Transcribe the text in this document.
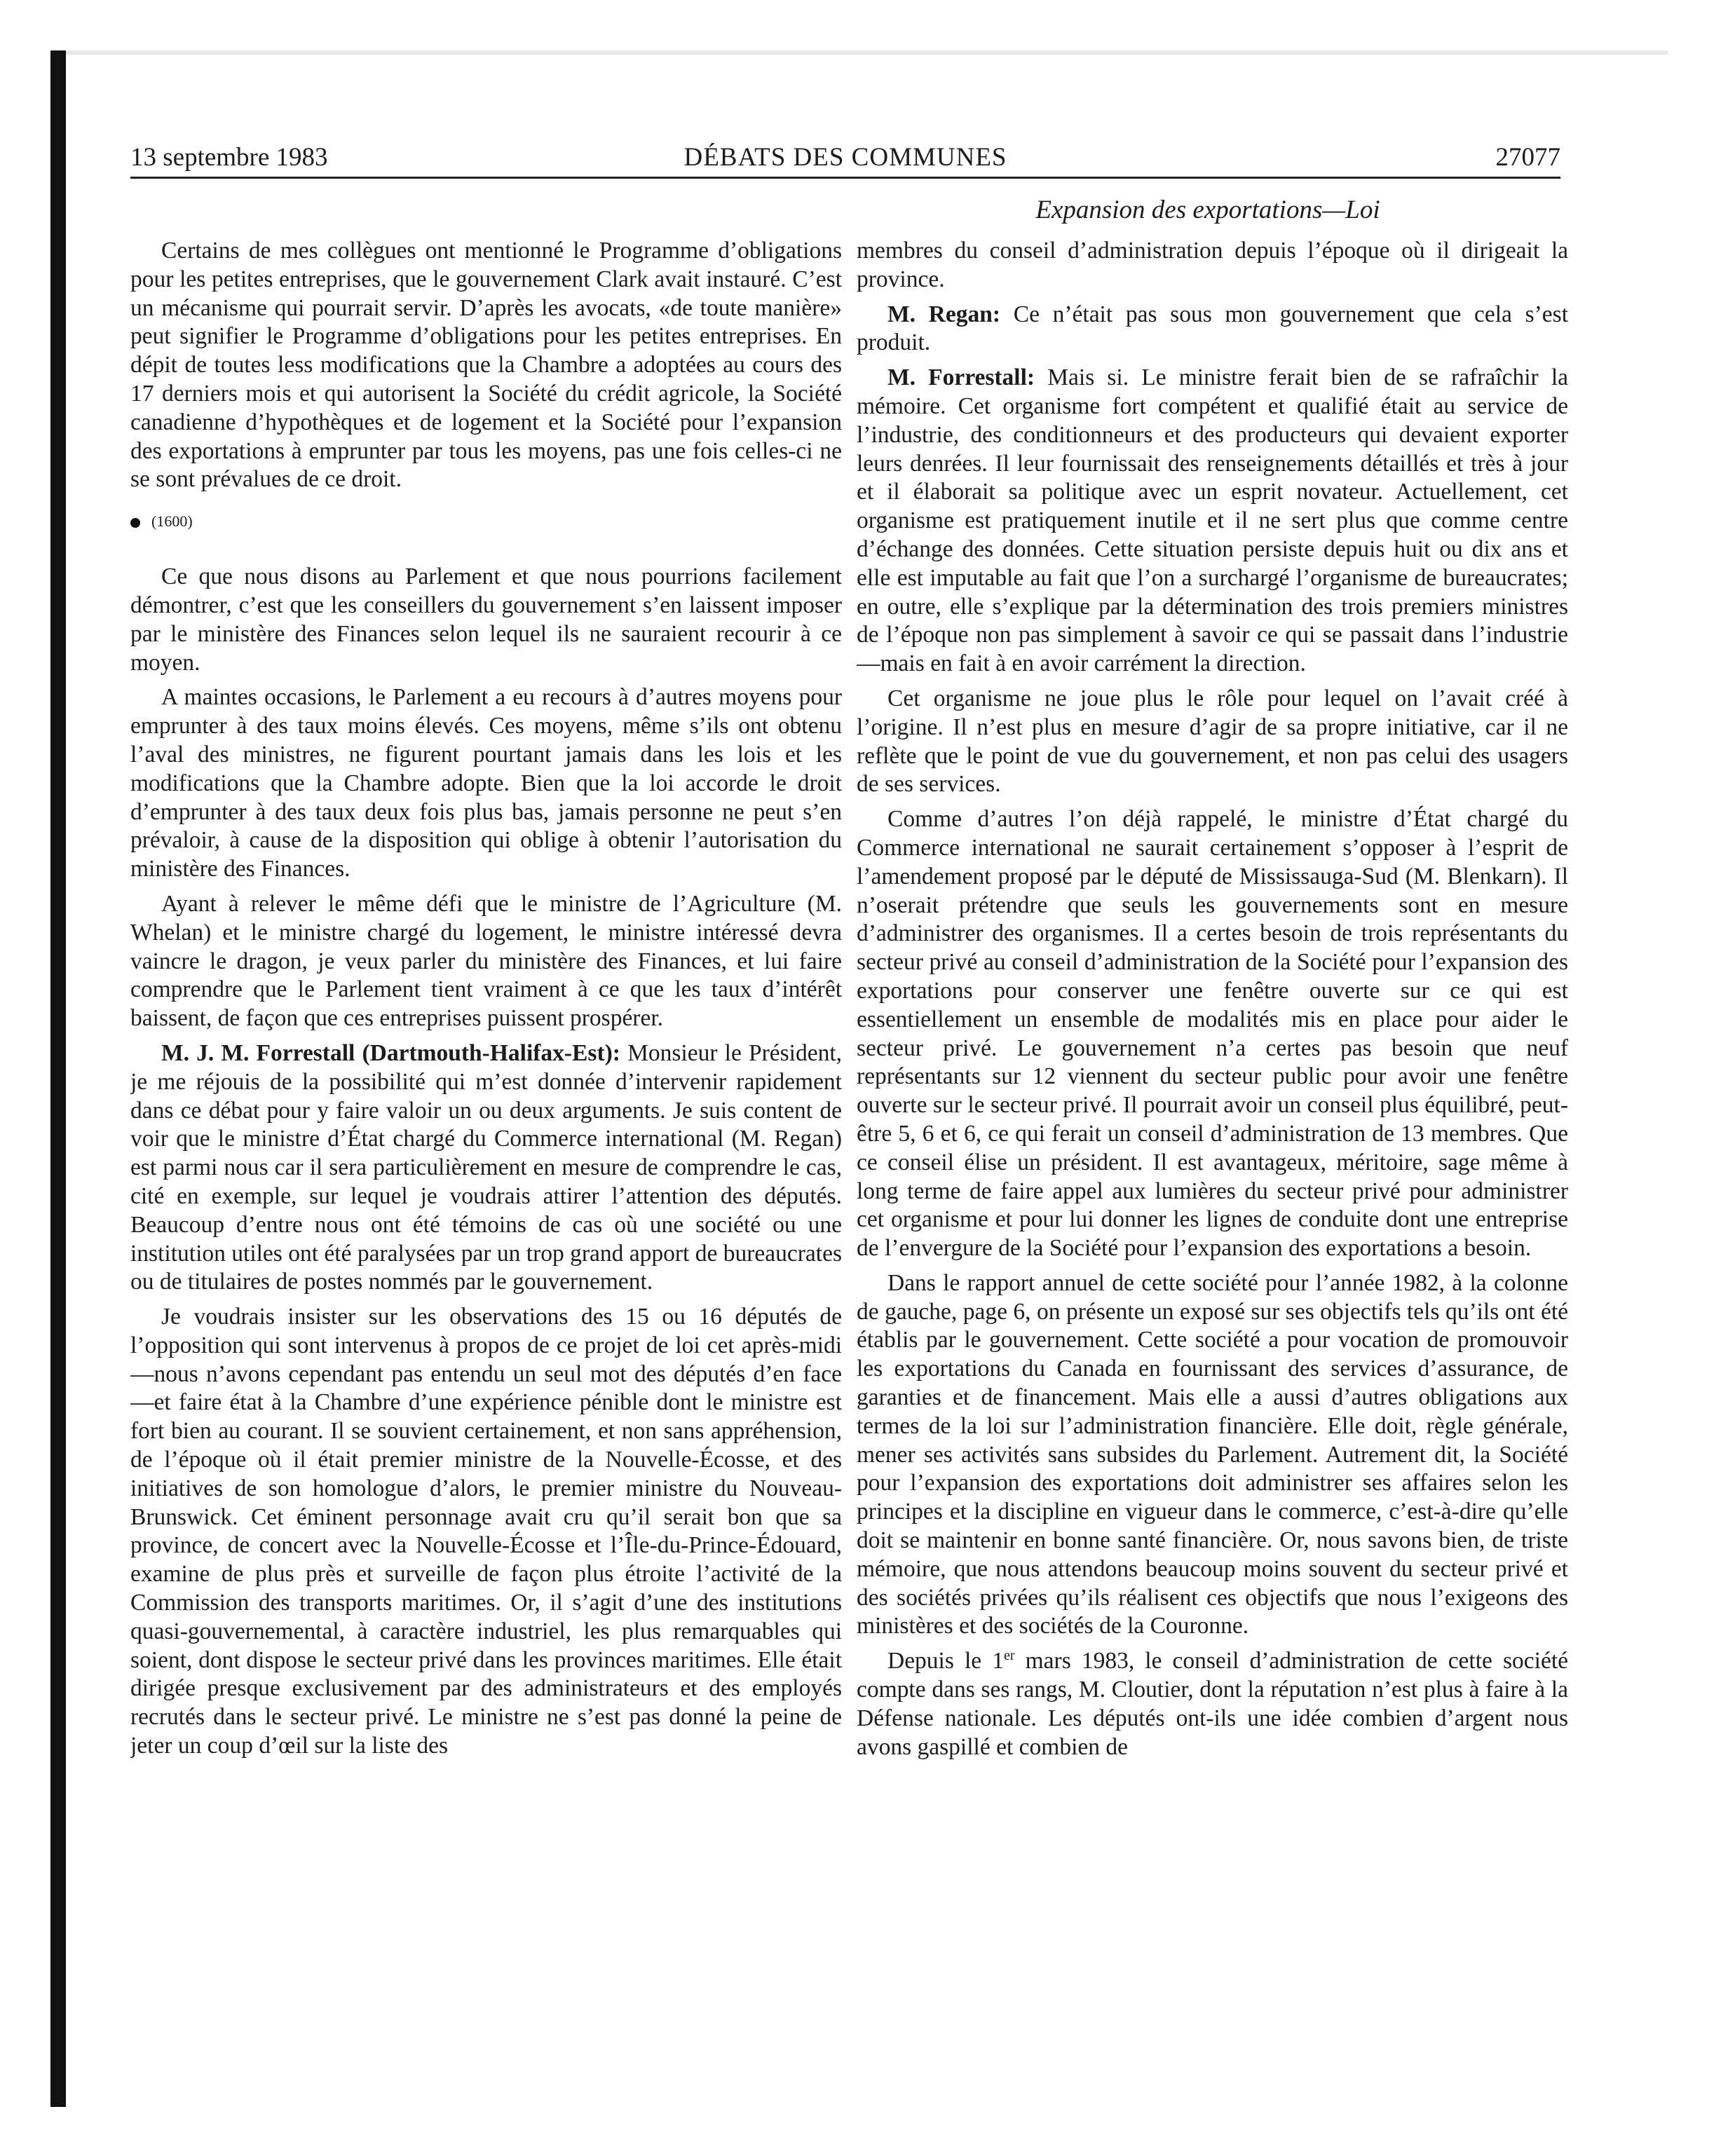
13 septembre 1983	DÉBATS DES COMMUNES	27077
Expansion des exportations—Loi

Certains de mes collègues ont mentionné le Programme d’obligations pour les petites entreprises, que le gouvernement Clark avait instauré. C’est un mécanisme qui pourrait servir. D’après les avocats, «de toute manière» peut signifier le Programme d’obligations pour les petites entreprises. En dépit de toutes less modifications que la Chambre a adoptées au cours des 17 derniers mois et qui autorisent la Société du crédit agricole, la Société canadienne d’hypothèques et de logement et la Société pour l’expansion des exportations à emprunter par tous les moyens, pas une fois celles-ci ne se sont prévalues de ce droit.

(1600)

Ce que nous disons au Parlement et que nous pourrions facilement démontrer, c’est que les conseillers du gouvernement s’en laissent imposer par le ministère des Finances selon lequel ils ne sauraient recourir à ce moyen.

A maintes occasions, le Parlement a eu recours à d’autres moyens pour emprunter à des taux moins élevés. Ces moyens, même s’ils ont obtenu l’aval des ministres, ne figurent pourtant jamais dans les lois et les modifications que la Chambre adopte. Bien que la loi accorde le droit d’emprunter à des taux deux fois plus bas, jamais personne ne peut s’en prévaloir, à cause de la disposition qui oblige à obtenir l’autorisation du ministère des Finances.

Ayant à relever le même défi que le ministre de l’Agriculture (M. Whelan) et le ministre chargé du logement, le ministre intéressé devra vaincre le dragon, je veux parler du ministère des Finances, et lui faire comprendre que le Parlement tient vraiment à ce que les taux d’intérêt baissent, de façon que ces entreprises puissent prospérer.

M. J. M. Forrestall (Dartmouth-Halifax-Est): Monsieur le Président, je me réjouis de la possibilité qui m’est donnée d’intervenir rapidement dans ce débat pour y faire valoir un ou deux arguments. Je suis content de voir que le ministre d’État chargé du Commerce international (M. Regan) est parmi nous car il sera particulièrement en mesure de comprendre le cas, cité en exemple, sur lequel je voudrais attirer l’attention des députés. Beaucoup d’entre nous ont été témoins de cas où une société ou une institution utiles ont été paralysées par un trop grand apport de bureaucrates ou de titulaires de postes nommés par le gouvernement.

Je voudrais insister sur les observations des 15 ou 16 députés de l’opposition qui sont intervenus à propos de ce projet de loi cet après-midi—nous n’avons cependant pas entendu un seul mot des députés d’en face—et faire état à la Chambre d’une expérience pénible dont le ministre est fort bien au courant. Il se souvient certainement, et non sans appréhension, de l’époque où il était premier ministre de la Nouvelle-Écosse, et des initiatives de son homologue d’alors, le premier ministre du Nouveau-Brunswick. Cet éminent personnage avait cru qu’il serait bon que sa province, de concert avec la Nouvelle-Écosse et l’Île-du-Prince-Édouard, examine de plus près et surveille de façon plus étroite l’activité de la Commission des transports maritimes. Or, il s’agit d’une des institutions quasi-gouvernemental, à caractère industriel, les plus remarquables qui soient, dont dispose le secteur privé dans les provinces maritimes. Elle était dirigée presque exclusivement par des administrateurs et des employés recrutés dans le secteur privé. Le ministre ne s’est pas donné la peine de jeter un coup d’œil sur la liste des

membres du conseil d’administration depuis l’époque où il dirigeait la province.

M. Regan: Ce n’était pas sous mon gouvernement que cela s’est produit.

M. Forrestall: Mais si. Le ministre ferait bien de se rafraîchir la mémoire. Cet organisme fort compétent et qualifié était au service de l’industrie, des conditionneurs et des producteurs qui devaient exporter leurs denrées. Il leur fournissait des renseignements détaillés et très à jour et il élaborait sa politique avec un esprit novateur. Actuellement, cet organisme est pratiquement inutile et il ne sert plus que comme centre d’échange des données. Cette situation persiste depuis huit ou dix ans et elle est imputable au fait que l’on a surchargé l’organisme de bureaucrates; en outre, elle s’explique par la détermination des trois premiers ministres de l’époque non pas simplement à savoir ce qui se passait dans l’industrie—mais en fait à en avoir carrément la direction.

Cet organisme ne joue plus le rôle pour lequel on l’avait créé à l’origine. Il n’est plus en mesure d’agir de sa propre initiative, car il ne reflète que le point de vue du gouvernement, et non pas celui des usagers de ses services.

Comme d’autres l’on déjà rappelé, le ministre d’État chargé du Commerce international ne saurait certainement s’opposer à l’esprit de l’amendement proposé par le député de Mississauga-Sud (M. Blenkarn). Il n’oserait prétendre que seuls les gouvernements sont en mesure d’administrer des organismes. Il a certes besoin de trois représentants du secteur privé au conseil d’administration de la Société pour l’expansion des exportations pour conserver une fenêtre ouverte sur ce qui est essentiellement un ensemble de modalités mis en place pour aider le secteur privé. Le gouvernement n’a certes pas besoin que neuf représentants sur 12 viennent du secteur public pour avoir une fenêtre ouverte sur le secteur privé. Il pourrait avoir un conseil plus équilibré, peut-être 5, 6 et 6, ce qui ferait un conseil d’administration de 13 membres. Que ce conseil élise un président. Il est avantageux, méritoire, sage même à long terme de faire appel aux lumières du secteur privé pour administrer cet organisme et pour lui donner les lignes de conduite dont une entreprise de l’envergure de la Société pour l’expansion des exportations a besoin.

Dans le rapport annuel de cette société pour l’année 1982, à la colonne de gauche, page 6, on présente un exposé sur ses objectifs tels qu’ils ont été établis par le gouvernement. Cette société a pour vocation de promouvoir les exportations du Canada en fournissant des services d’assurance, de garanties et de financement. Mais elle a aussi d’autres obligations aux termes de la loi sur l’administration financière. Elle doit, règle générale, mener ses activités sans subsides du Parlement. Autrement dit, la Société pour l’expansion des exportations doit administrer ses affaires selon les principes et la discipline en vigueur dans le commerce, c’est-à-dire qu’elle doit se maintenir en bonne santé financière. Or, nous savons bien, de triste mémoire, que nous attendons beaucoup moins souvent du secteur privé et des sociétés privées qu’ils réalisent ces objectifs que nous l’exigeons des ministères et des sociétés de la Couronne.

Depuis le 1er mars 1983, le conseil d’administration de cette société compte dans ses rangs, M. Cloutier, dont la réputation n’est plus à faire à la Défense nationale. Les députés ont-ils une idée combien d’argent nous avons gaspillé et combien de
